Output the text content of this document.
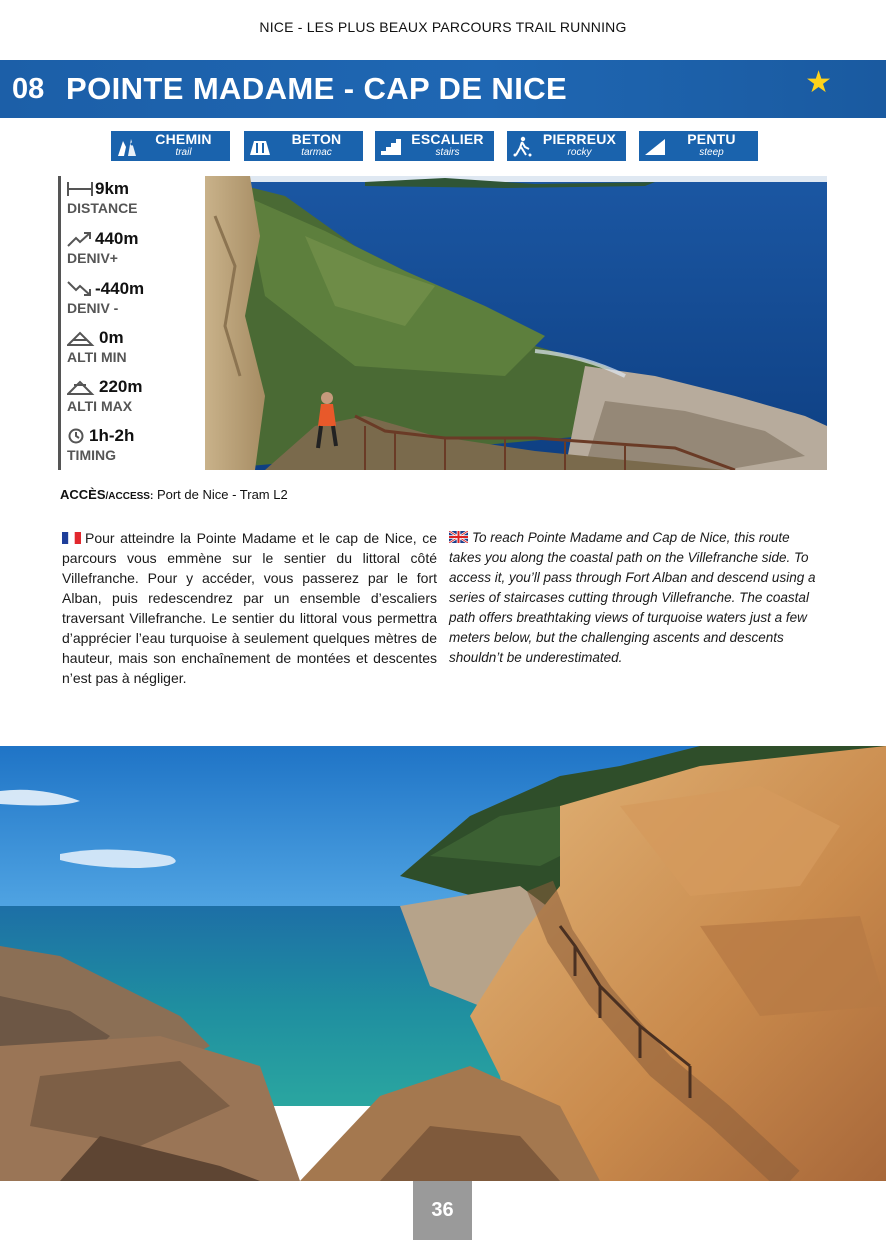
NICE - LES PLUS BEAUX PARCOURS TRAIL RUNNING
08 POINTE MADAME - CAP DE NICE	★
CHEMIN
trail
BETON
tarmac
ESCALIER
stairs
PIERREUX
rocky
PENTU
steep
9km
DISTANCE
440m
DENIV+
-440m
DENIV -
0m
ALTI MIN
220m
ALTI MAX
1h-2h
TIMING
ACCÈS/ACCESS: Port de Nice - Tram L2
Pour atteindre la Pointe Madame et le cap de Nice, ce parcours vous emmène sur le sentier du littoral côté Villefranche. Pour y accéder, vous passerez par le fort Alban, puis redescendrez par un ensemble d’escaliers traversant Villefranche. Le sentier du littoral vous permettra d’apprécier l’eau turquoise à seulement quelques mètres de hauteur, mais son enchaînement de montées et descentes n’est pas à négliger.
To reach Pointe Madame and Cap de Nice, this route takes you along the coastal path on the Villefranche side. To access it, you’ll pass through Fort Alban and descend using a series of staircases cutting through Villefranche. The coastal path offers breathtaking views of turquoise waters just a few meters below, but the challenging ascents and descents shouldn’t be underestimated.
36
